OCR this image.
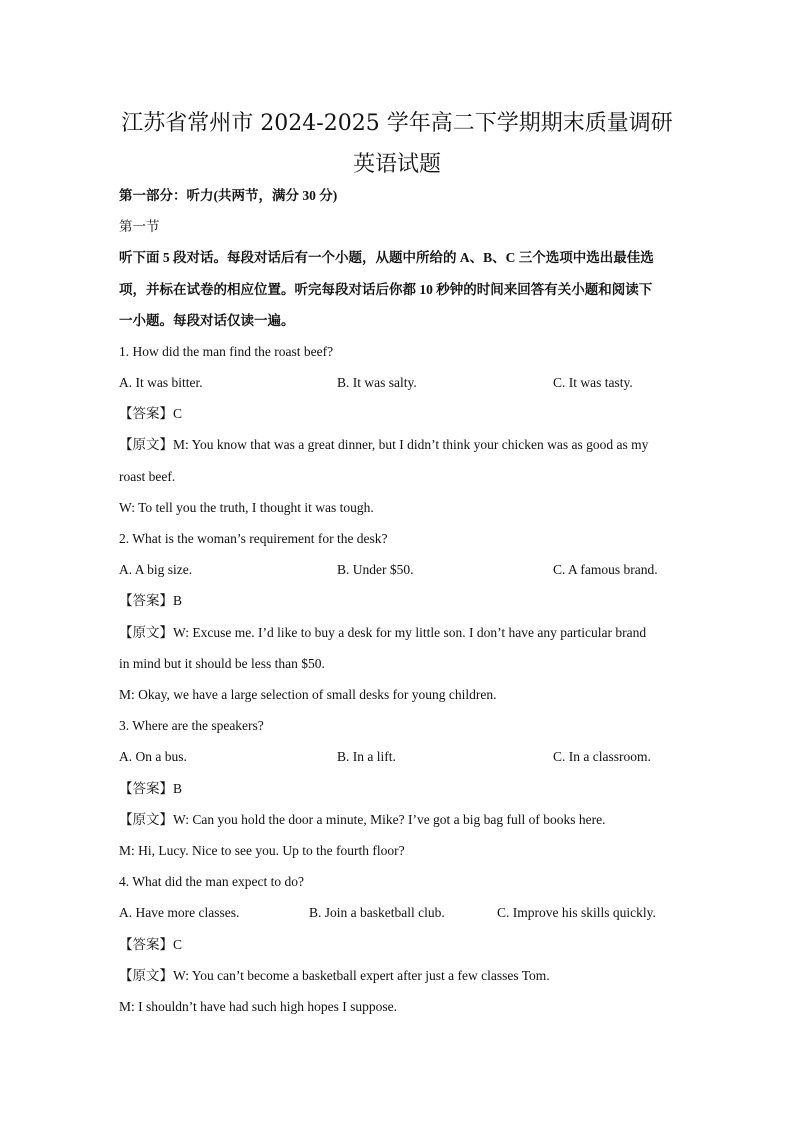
江苏省常州市 2024-2025 学年高二下学期期末质量调研
英语试题
第一部分：听力(共两节，满分 30 分)
第一节
听下面 5 段对话。每段对话后有一个小题，从题中所给的 A、B、C 三个选项中选出最佳选
项，并标在试卷的相应位置。听完每段对话后你都 10 秒钟的时间来回答有关小题和阅读下
一小题。每段对话仅读一遍。
1. How did the man find the roast beef?
A. It was bitter.	B. It was salty.	C. It was tasty.
【答案】C
【原文】M: You know that was a great dinner, but I didn’t think your chicken was as good as my
roast beef.
W: To tell you the truth, I thought it was tough.
2. What is the woman’s requirement for the desk?
A. A big size.	B. Under $50.	C. A famous brand.
【答案】B
【原文】W: Excuse me. I’d like to buy a desk for my little son. I don’t have any particular brand
in mind but it should be less than $50.
M: Okay, we have a large selection of small desks for young children.
3. Where are the speakers?
A. On a bus.	B. In a lift.	C. In a classroom.
【答案】B
【原文】W: Can you hold the door a minute, Mike? I’ve got a big bag full of books here.
M: Hi, Lucy. Nice to see you. Up to the fourth floor?
4. What did the man expect to do?
A. Have more classes.	B. Join a basketball club.	C. Improve his skills quickly.
【答案】C
【原文】W: You can’t become a basketball expert after just a few classes Tom.
M: I shouldn’t have had such high hopes I suppose.
